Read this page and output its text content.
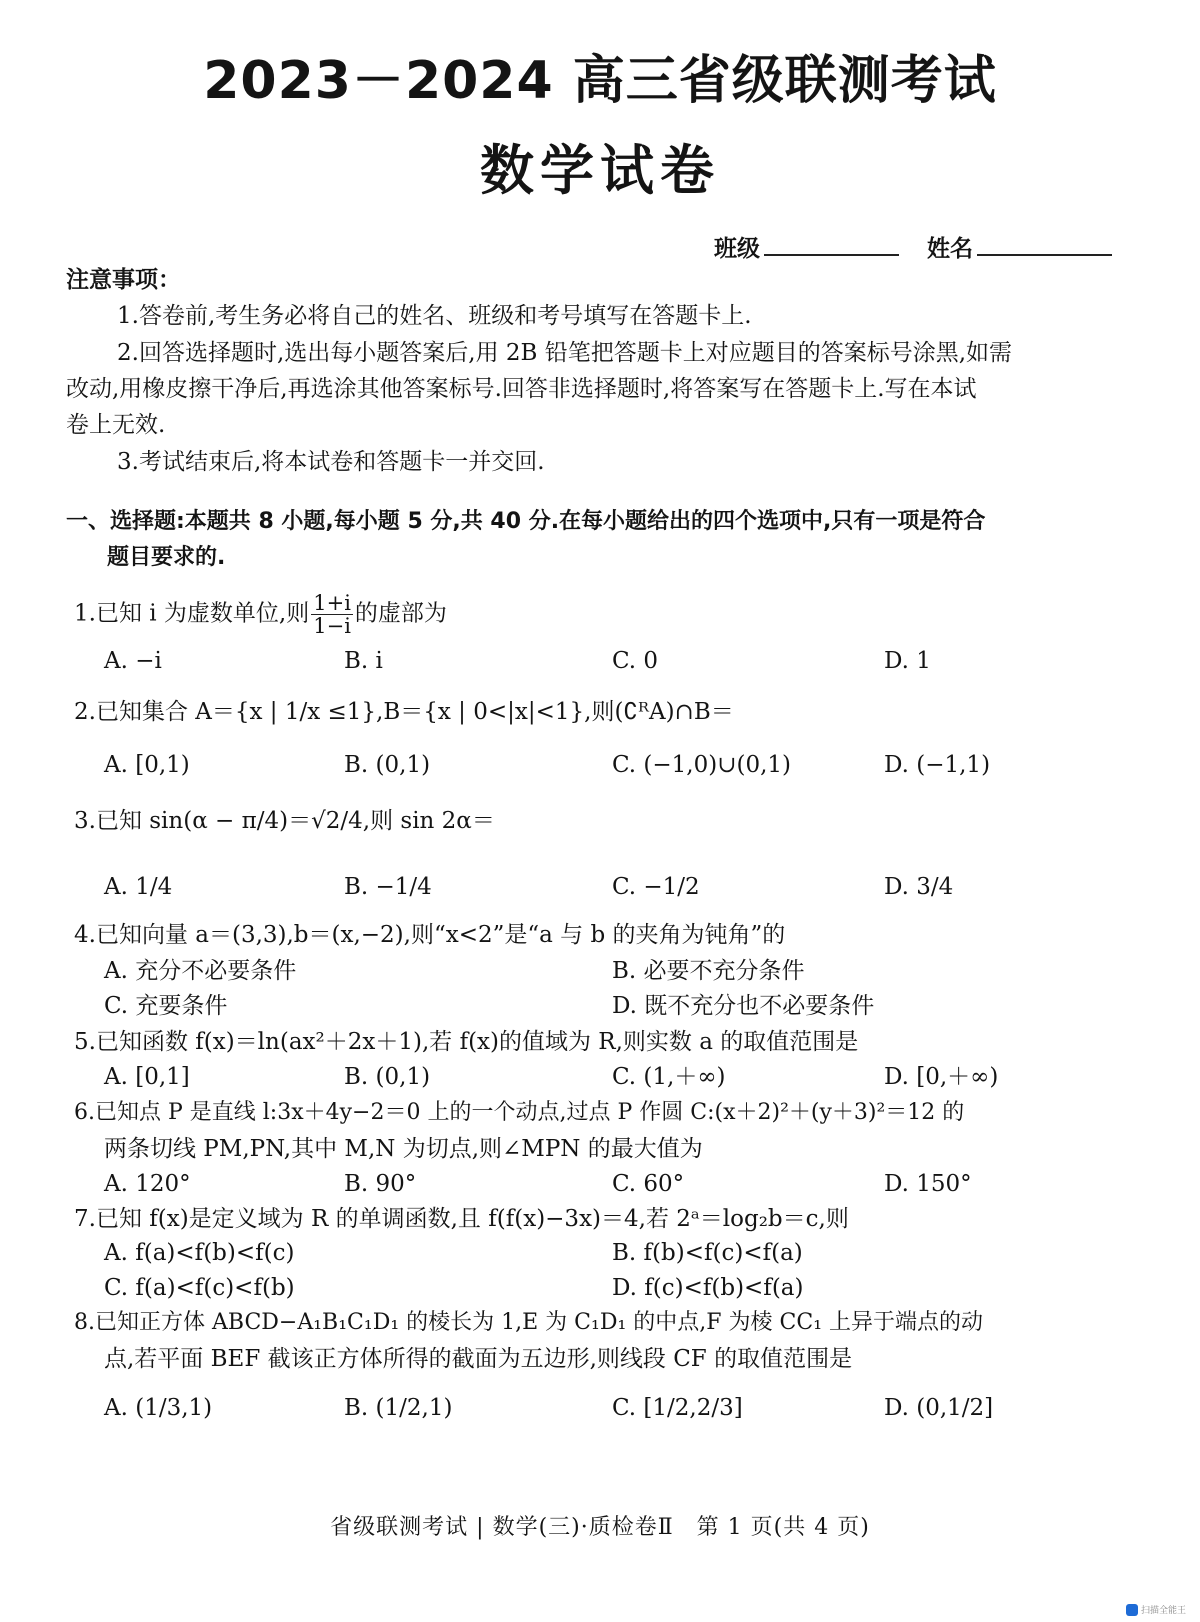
2023－2024 高三省级联测考试
数学试卷
班级	姓名
注意事项：
1.答卷前,考生务必将自己的姓名、班级和考号填写在答题卡上.
2.回答选择题时,选出每小题答案后,用 2B 铅笔把答题卡上对应题目的答案标号涂黑,如需
改动,用橡皮擦干净后,再选涂其他答案标号.回答非选择题时,将答案写在答题卡上.写在本试
卷上无效.
3.考试结束后,将本试卷和答题卡一并交回.
一、选择题:本题共 8 小题,每小题 5 分,共 40 分.在每小题给出的四个选项中,只有一项是符合
题目要求的.
1.已知 i 为虚数单位,则 $\frac{1+i}{1-i}$ 的虚部为
A. −i	B. i	C. 0	D. 1
2.已知集合 A＝{x | 1/x ≤1},B＝{x | 0<|x|<1},则(∁ᴿA)∩B＝
A. [0,1)	B. (0,1)	C. (−1,0)∪(0,1)	D. (−1,1)
3.已知 sin(α − π/4)＝√2/4,则 sin 2α＝
A. 1/4	B. −1/4	C. −1/2	D. 3/4
4.已知向量 a＝(3,3),b＝(x,−2),则“x<2”是“a 与 b 的夹角为钝角”的
A. 充分不必要条件	B. 必要不充分条件
C. 充要条件	D. 既不充分也不必要条件
5.已知函数 f(x)＝ln(ax²＋2x＋1),若 f(x)的值域为 R,则实数 a 的取值范围是
A. [0,1]	B. (0,1)	C. (1,＋∞)	D. [0,＋∞)
6.已知点 P 是直线 l:3x＋4y−2＝0 上的一个动点,过点 P 作圆 C:(x＋2)²＋(y＋3)²＝12 的
两条切线 PM,PN,其中 M,N 为切点,则∠MPN 的最大值为
A. 120°	B. 90°	C. 60°	D. 150°
7.已知 f(x)是定义域为 R 的单调函数,且 f(f(x)−3x)＝4,若 2ᵃ＝log₂b＝c,则
A. f(a)<f(b)<f(c)	B. f(b)<f(c)<f(a)
C. f(a)<f(c)<f(b)	D. f(c)<f(b)<f(a)
8.已知正方体 ABCD−A₁B₁C₁D₁ 的棱长为 1,E 为 C₁D₁ 的中点,F 为棱 CC₁ 上异于端点的动
点,若平面 BEF 截该正方体所得的截面为五边形,则线段 CF 的取值范围是
A. (1/3,1)	B. (1/2,1)	C. [1/2,2/3]	D. (0,1/2]
省级联测考试 | 数学(三)·质检卷Ⅱ　第 1 页(共 4 页)
扫描全能王
